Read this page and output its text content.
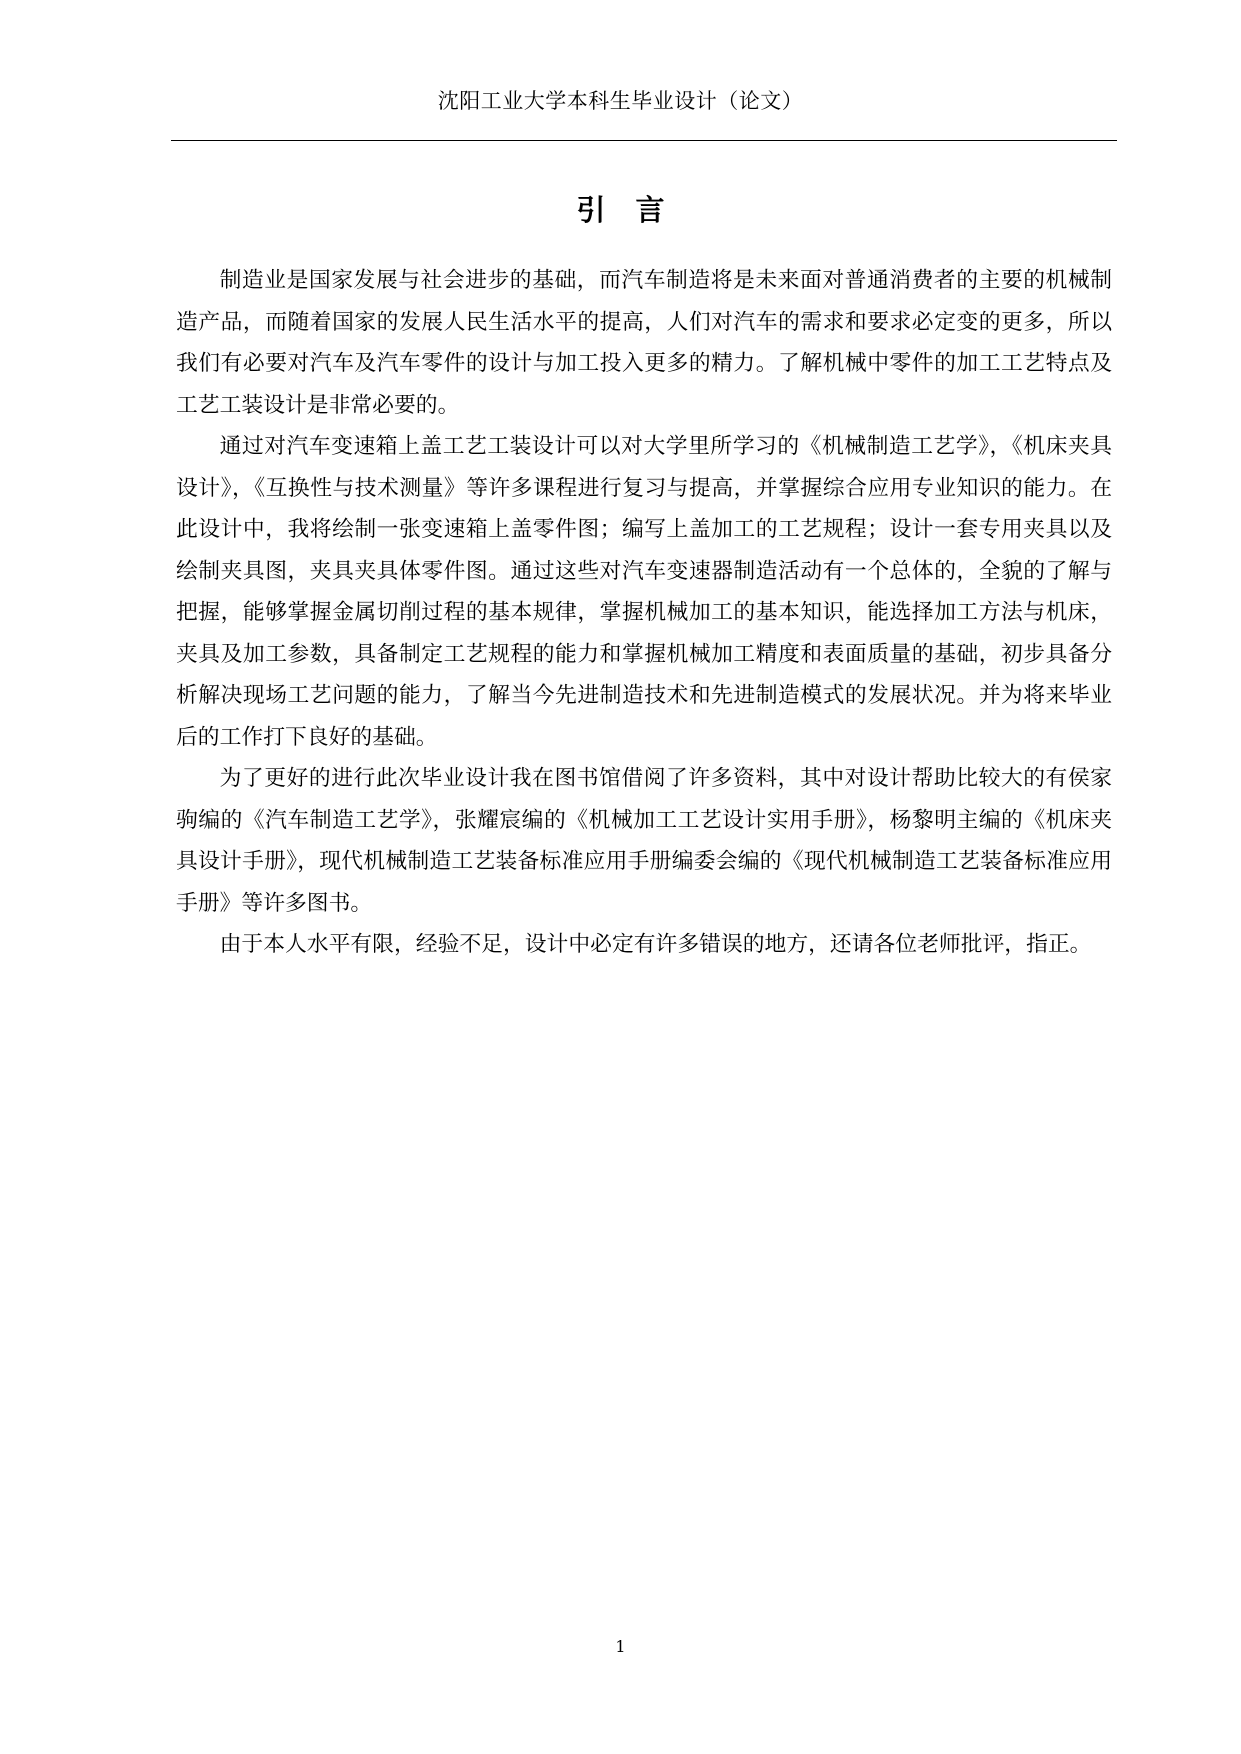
沈阳工业大学本科生毕业设计（论文）
引言

制造业是国家发展与社会进步的基础，而汽车制造将是未来面对普通消费者的主要的机械制造产品，而随着国家的发展人民生活水平的提高，人们对汽车的需求和要求必定变的更多，所以我们有必要对汽车及汽车零件的设计与加工投入更多的精力。了解机械中零件的加工工艺特点及工艺工装设计是非常必要的。

通过对汽车变速箱上盖工艺工装设计可以对大学里所学习的《机械制造工艺学》，《机床夹具设计》，《互换性与技术测量》等许多课程进行复习与提高，并掌握综合应用专业知识的能力。在此设计中，我将绘制一张变速箱上盖零件图；编写上盖加工的工艺规程；设计一套专用夹具以及绘制夹具图，夹具夹具体零件图。通过这些对汽车变速器制造活动有一个总体的，全貌的了解与把握，能够掌握金属切削过程的基本规律，掌握机械加工的基本知识，能选择加工方法与机床，夹具及加工参数，具备制定工艺规程的能力和掌握机械加工精度和表面质量的基础，初步具备分析解决现场工艺问题的能力，了解当今先进制造技术和先进制造模式的发展状况。并为将来毕业后的工作打下良好的基础。

为了更好的进行此次毕业设计我在图书馆借阅了许多资料，其中对设计帮助比较大的有侯家驹编的《汽车制造工艺学》，张耀宸编的《机械加工工艺设计实用手册》，杨黎明主编的《机床夹具设计手册》，现代机械制造工艺装备标准应用手册编委会编的《现代机械制造工艺装备标准应用手册》等许多图书。

由于本人水平有限，经验不足，设计中必定有许多错误的地方，还请各位老师批评，指正。

1
